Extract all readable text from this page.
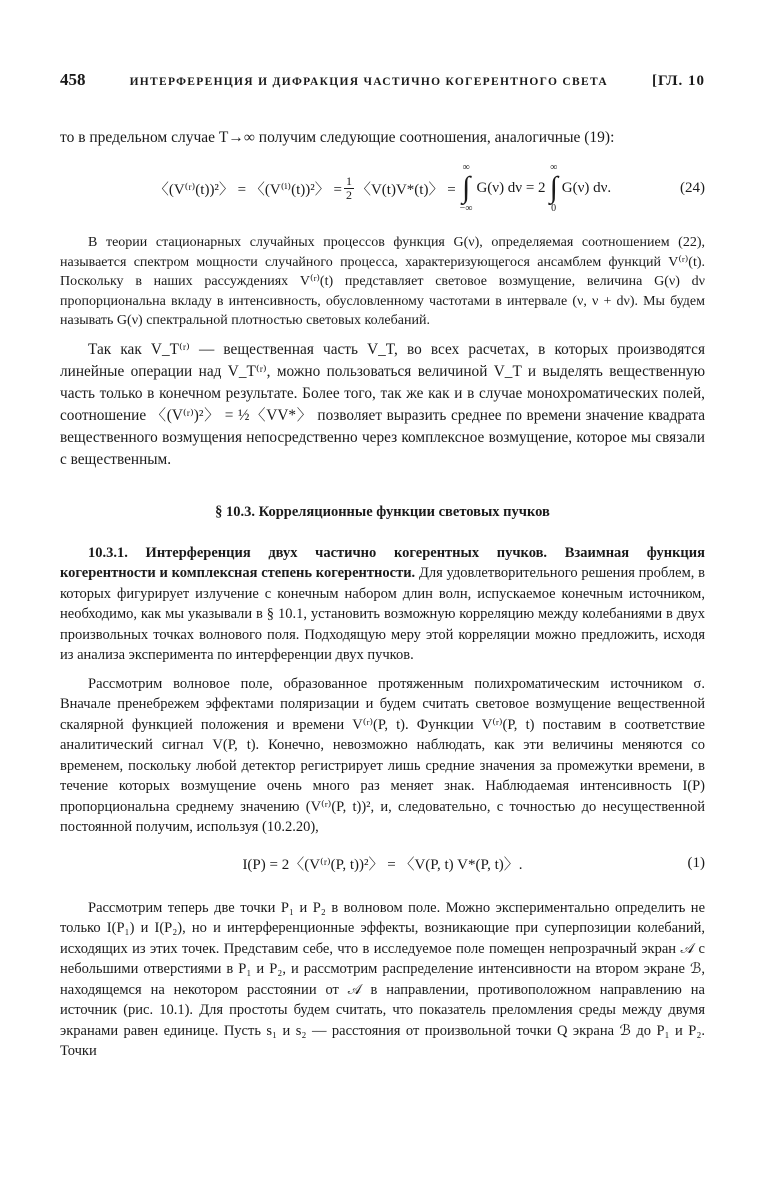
458	ИНТЕРФЕРЕНЦИЯ И ДИФРАКЦИЯ ЧАСТИЧНО КОГЕРЕНТНОГО СВЕТА	[ГЛ. 10

то в предельном случае T→∞ получим следующие соотношения, аналогичные (19):

〈(V⁽ʳ⁾(t))²〉 = 〈(V⁽ⁱ⁾(t))²〉 = $\frac{1}{2}$ 〈V(t)V*(t)〉 =
∞
∫
−∞
G(ν) dν = 2
∞
∫
0
G(ν) dν.	(24)

В теории стационарных случайных процессов функция G(ν), определяемая соотношением (22), называется спектром мощности случайного процесса, характеризующегося ансамблем функций V⁽ʳ⁾(t). Поскольку в наших рассуждениях V⁽ʳ⁾(t) представляет световое возмущение, величина G(ν) dν пропорциональна вкладу в интенсивность, обусловленному частотами в интервале (ν, ν + dν). Мы будем называть G(ν) спектральной плотностью световых колебаний.

Так как V_T⁽ʳ⁾ — вещественная часть V_T, во всех расчетах, в которых производятся линейные операции над V_T⁽ʳ⁾, можно пользоваться величиной V_T и выделять вещественную часть только в конечном результате. Более того, так же как и в случае монохроматических полей, соотношение 〈(V⁽ʳ⁾)²〉 = ½〈VV*〉 позволяет выразить среднее по времени значение квадрата вещественного возмущения непосредственно через комплексное возмущение, которое мы связали с вещественным.

§ 10.3. Корреляционные функции световых пучков

10.3.1. Интерференция двух частично когерентных пучков. Взаимная функция когерентности и комплексная степень когерентности. Для удовлетворительного решения проблем, в которых фигурирует излучение с конечным набором длин волн, испускаемое конечным источником, необходимо, как мы указывали в § 10.1, установить возможную корреляцию между колебаниями в двух произвольных точках волнового поля. Подходящую меру этой корреляции можно предложить, исходя из анализа эксперимента по интерференции двух пучков.

Рассмотрим волновое поле, образованное протяженным полихроматическим источником σ. Вначале пренебрежем эффектами поляризации и будем считать световое возмущение вещественной скалярной функцией положения и времени V⁽ʳ⁾(P, t). Функции V⁽ʳ⁾(P, t) поставим в соответствие аналитический сигнал V(P, t). Конечно, невозможно наблюдать, как эти величины меняются со временем, поскольку любой детектор регистрирует лишь средние значения за промежутки времени, в течение которых возмущение очень много раз меняет знак. Наблюдаемая интенсивность I(P) пропорциональна среднему значению (V⁽ʳ⁾(P, t))², и, следовательно, с точностью до несущественной постоянной получим, используя (10.2.20),

I(P) = 2〈(V⁽ʳ⁾(P, t))²〉 = 〈V(P, t) V*(P, t)〉.	(1)

Рассмотрим теперь две точки P₁ и P₂ в волновом поле. Можно экспериментально определить не только I(P₁) и I(P₂), но и интерференционные эффекты, возникающие при суперпозиции колебаний, исходящих из этих точек. Представим себе, что в исследуемое поле помещен непрозрачный экран 𝒜 с небольшими отверстиями в P₁ и P₂, и рассмотрим распределение интенсивности на втором экране ℬ, находящемся на некотором расстоянии от 𝒜 в направлении, противоположном направлению на источник (рис. 10.1). Для простоты будем считать, что показатель преломления среды между двумя экранами равен единице. Пусть s₁ и s₂ — расстояния от произвольной точки Q экрана ℬ до P₁ и P₂. Точки
